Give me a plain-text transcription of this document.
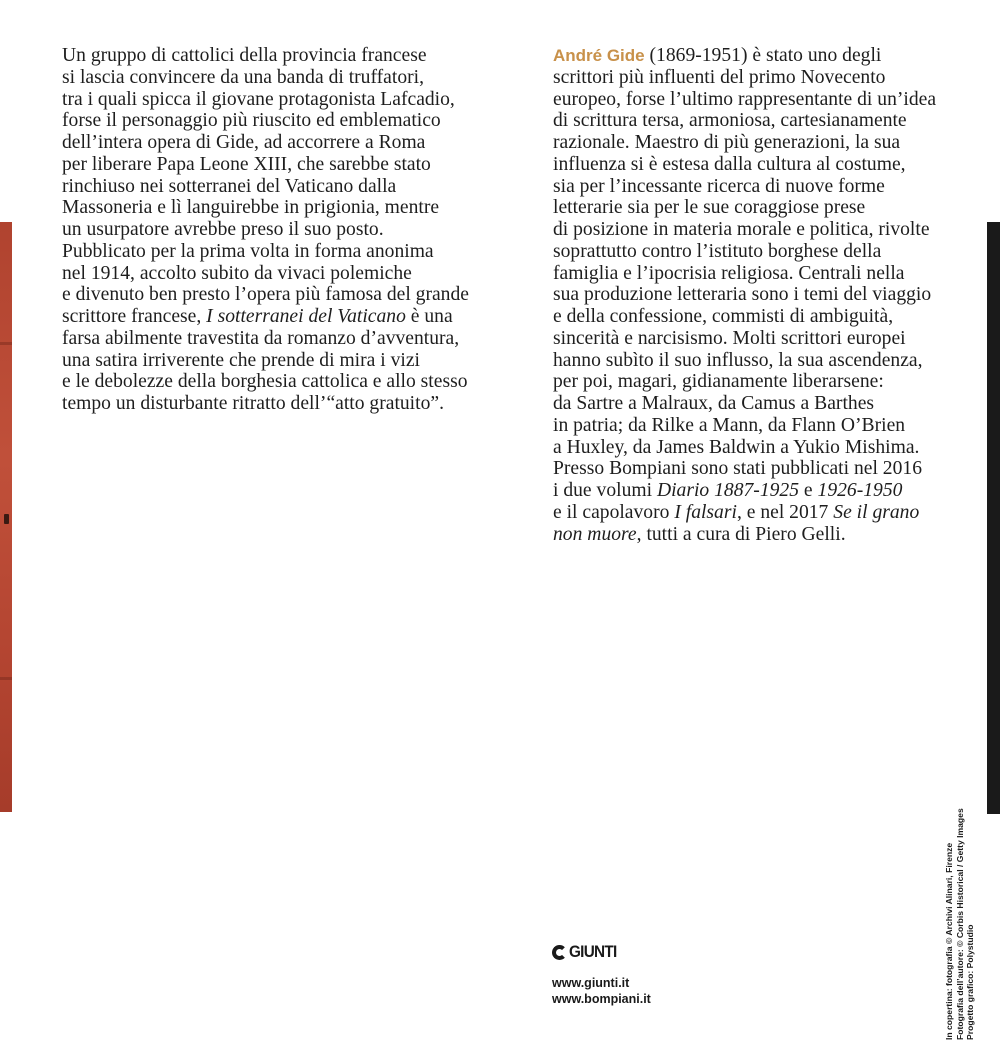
Un gruppo di cattolici della provincia francese

si lascia convincere da una banda di truffatori,

tra i quali spicca il giovane protagonista Lafcadio,

forse il personaggio più riuscito ed emblematico

dell’intera opera di Gide, ad accorrere a Roma

per liberare Papa Leone XIII, che sarebbe stato

rinchiuso nei sotterranei del Vaticano dalla

Massoneria e lì languirebbe in prigionia, mentre

un usurpatore avrebbe preso il suo posto.

Pubblicato per la prima volta in forma anonima

nel 1914, accolto subito da vivaci polemiche

e divenuto ben presto l’opera più famosa del grande

scrittore francese, I sotterranei del Vaticano è una

farsa abilmente travestita da romanzo d’avventura,

una satira irriverente che prende di mira i vizi

e le debolezze della borghesia cattolica e allo stesso

tempo un disturbante ritratto dell’“atto gratuito”.

André Gide (1869-1951) è stato uno degli

scrittori più influenti del primo Novecento

europeo, forse l’ultimo rappresentante di un’idea

di scrittura tersa, armoniosa, cartesianamente

razionale. Maestro di più generazioni, la sua

influenza si è estesa dalla cultura al costume,

sia per l’incessante ricerca di nuove forme

letterarie sia per le sue coraggiose prese

di posizione in materia morale e politica, rivolte

soprattutto contro l’istituto borghese della

famiglia e l’ipocrisia religiosa. Centrali nella

sua produzione letteraria sono i temi del viaggio

e della confessione, commisti di ambiguità,

sincerità e narcisismo. Molti scrittori europei

hanno subìto il suo influsso, la sua ascendenza,

per poi, magari, gidianamente liberarsene:

da Sartre a Malraux, da Camus a Barthes

in patria; da Rilke a Mann, da Flann O’Brien

a Huxley, da James Baldwin a Yukio Mishima.

Presso Bompiani sono stati pubblicati nel 2016

i due volumi Diario 1887-1925 e 1926-1950

e il capolavoro I falsari, e nel 2017 Se il grano

non muore, tutti a cura di Piero Gelli.

GIUNTI
www.giunti.it
www.bompiani.it	In copertina: fotografia © Archivi Alinari, Firenze Fotografia dell’autore: © Corbis Historical / Getty Images Progetto grafico: Polystudio
